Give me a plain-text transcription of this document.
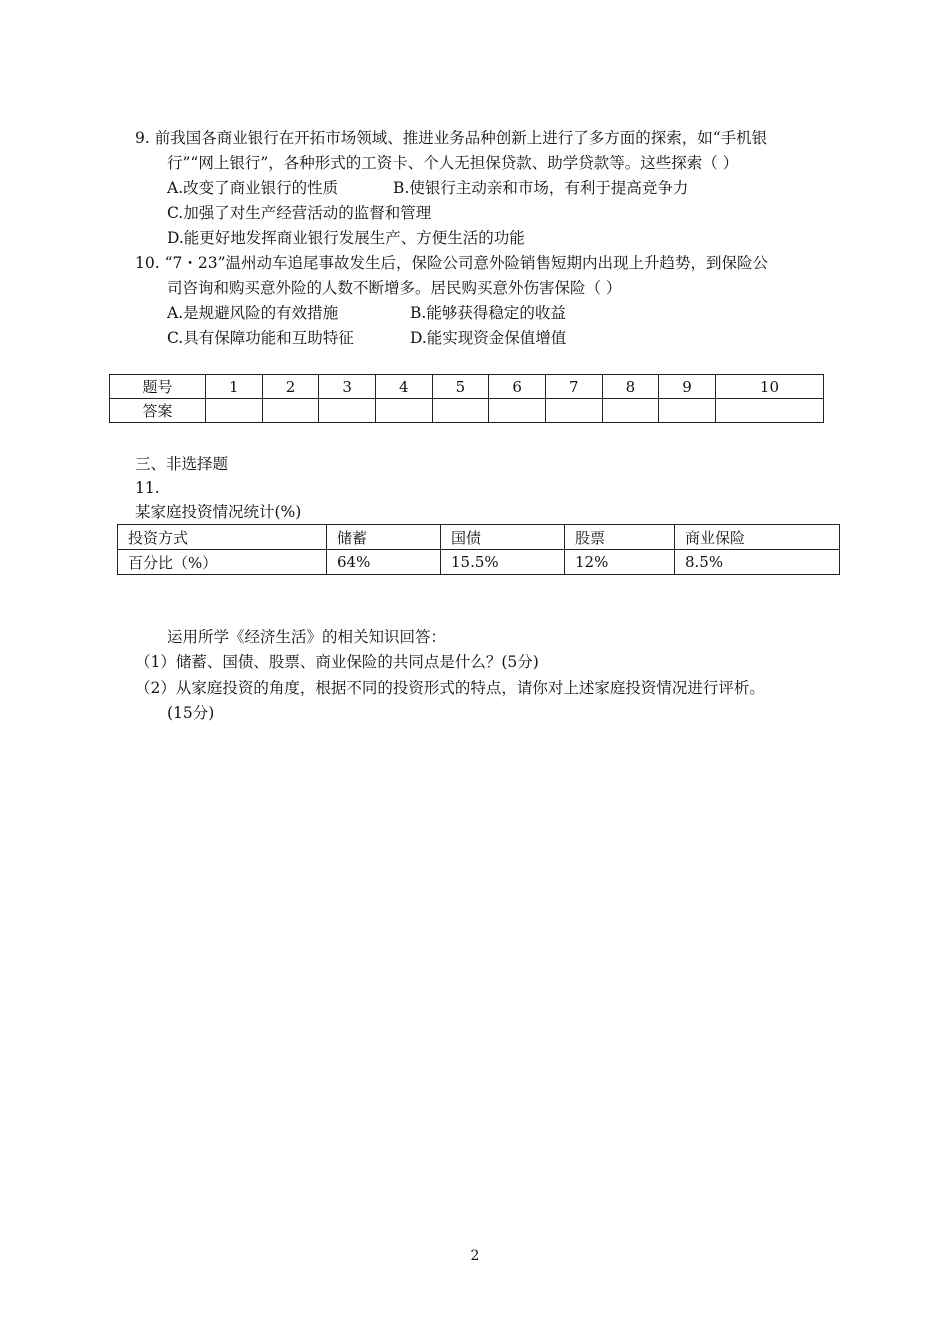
9. 前我国各商业银行在开拓市场领域、推进业务品种创新上进行了多方面的探索，如“手机银
行”“网上银行”，各种形式的工资卡、个人无担保贷款、助学贷款等。这些探索（ ）
A.改变了商业银行的性质	B.使银行主动亲和市场，有利于提高竞争力
C.加强了对生产经营活动的监督和管理
D.能更好地发挥商业银行发展生产、方便生活的功能
10. “7・23”温州动车追尾事故发生后，保险公司意外险销售短期内出现上升趋势，到保险公
司咨询和购买意外险的人数不断增多。居民购买意外伤害保险（ ）
A.是规避风险的有效措施	B.能够获得稳定的收益
C.具有保障功能和互助特征	D.能实现资金保值增值
题号	1	2	3	4	5	6	7	8	9	10
答案										
三、非选择题
11.
某家庭投资情况统计(%)
投资方式	储蓄	国债	股票	商业保险
百分比（%）	64%	15.5%	12%	8.5%
运用所学《经济生活》的相关知识回答：
（1）储蓄、国债、股票、商业保险的共同点是什么？(5分)
（2）从家庭投资的角度，根据不同的投资形式的特点，请你对上述家庭投资情况进行评析。
(15分)
2
